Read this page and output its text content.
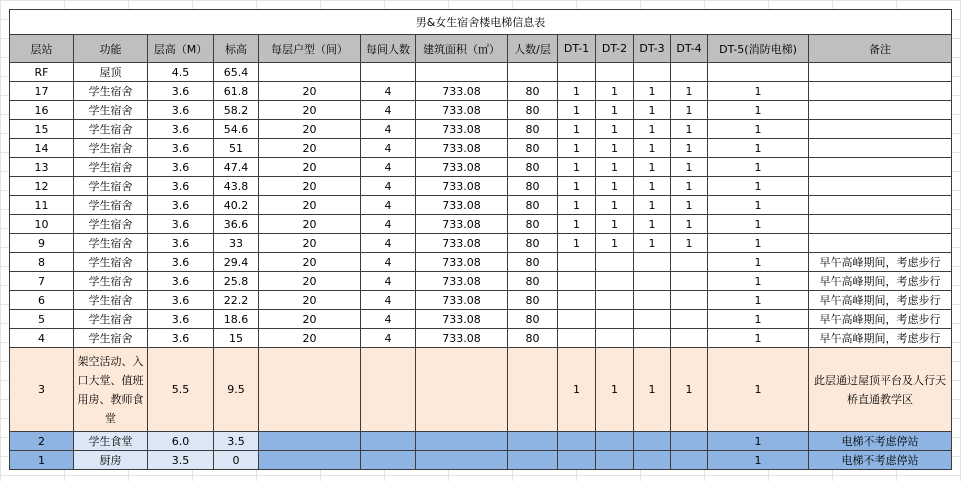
男&女生宿舍楼电梯信息表													
层站	功能	层高（M）	标高	每层户型（间）	每间人数	建筑面积（㎡）	人数/层	DT-1	DT-2	DT-3	DT-4	DT-5(消防电梯)	备注
RF	屋顶	4.5	65.4										
17	学生宿舍	3.6	61.8	20	4	733.08	80	1	1	1	1	1	
16	学生宿舍	3.6	58.2	20	4	733.08	80	1	1	1	1	1	
15	学生宿舍	3.6	54.6	20	4	733.08	80	1	1	1	1	1	
14	学生宿舍	3.6	51	20	4	733.08	80	1	1	1	1	1	
13	学生宿舍	3.6	47.4	20	4	733.08	80	1	1	1	1	1	
12	学生宿舍	3.6	43.8	20	4	733.08	80	1	1	1	1	1	
11	学生宿舍	3.6	40.2	20	4	733.08	80	1	1	1	1	1	
10	学生宿舍	3.6	36.6	20	4	733.08	80	1	1	1	1	1	
9	学生宿舍	3.6	33	20	4	733.08	80	1	1	1	1	1	
8	学生宿舍	3.6	29.4	20	4	733.08	80					1	早午高峰期间，考虑步行
7	学生宿舍	3.6	25.8	20	4	733.08	80					1	早午高峰期间，考虑步行
6	学生宿舍	3.6	22.2	20	4	733.08	80					1	早午高峰期间，考虑步行
5	学生宿舍	3.6	18.6	20	4	733.08	80					1	早午高峰期间，考虑步行
4	学生宿舍	3.6	15	20	4	733.08	80					1	早午高峰期间，考虑步行
3	架空活动、入口大堂、值班用房、教师食堂	5.5	9.5					1	1	1	1	1	此层通过屋顶平台及人行天桥直通教学区
2	学生食堂	6.0	3.5									1	电梯不考虑停站
1	厨房	3.5	0									1	电梯不考虑停站
